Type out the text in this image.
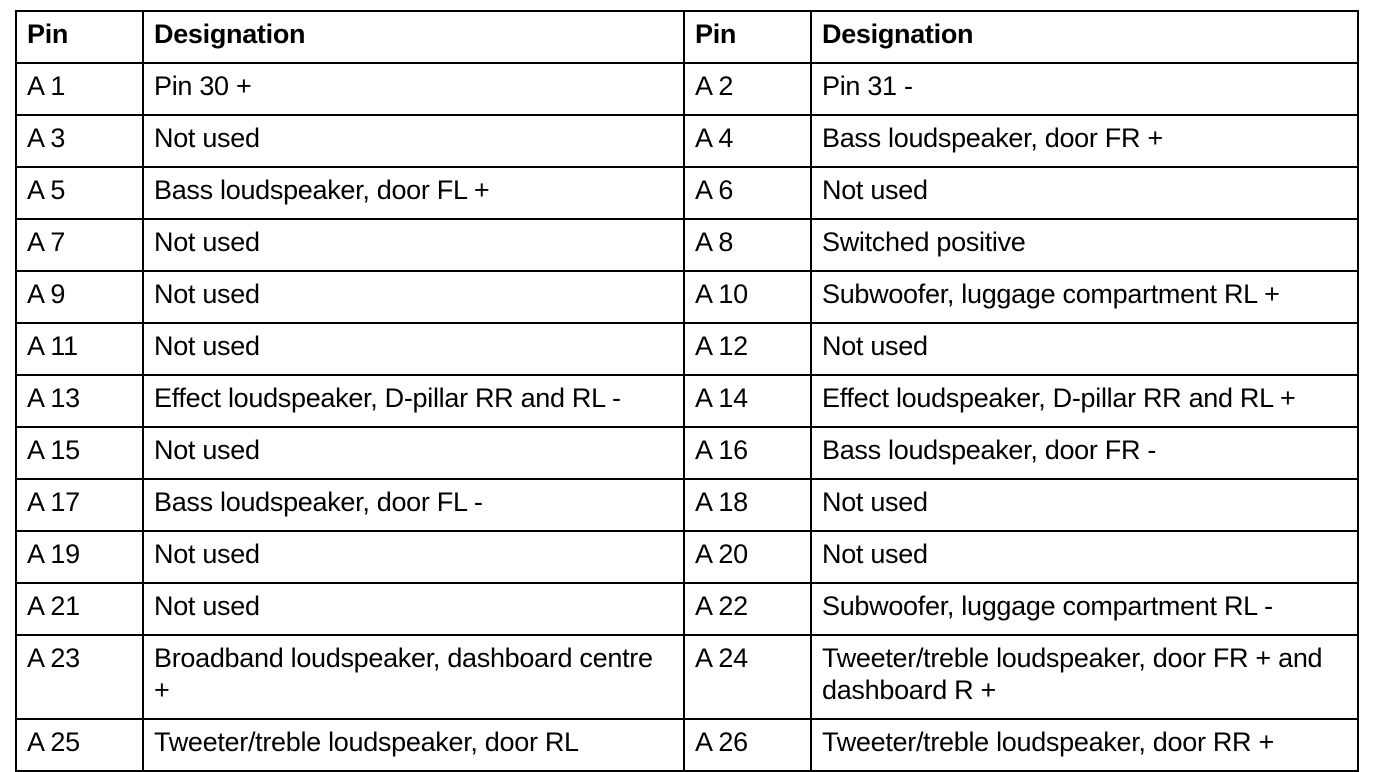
Pin	Designation	Pin	Designation
A 1	Pin 30 +	A 2	Pin 31 -
A 3	Not used	A 4	Bass loudspeaker, door FR +
A 5	Bass loudspeaker, door FL +	A 6	Not used
A 7	Not used	A 8	Switched positive
A 9	Not used	A 10	Subwoofer, luggage compartment RL +
A 11	Not used	A 12	Not used
A 13	Effect loudspeaker, D-pillar RR and RL -	A 14	Effect loudspeaker, D-pillar RR and RL +
A 15	Not used	A 16	Bass loudspeaker, door FR -
A 17	Bass loudspeaker, door FL -	A 18	Not used
A 19	Not used	A 20	Not used
A 21	Not used	A 22	Subwoofer, luggage compartment RL -
A 23	Broadband loudspeaker, dashboard centre +	A 24	Tweeter/treble loudspeaker, door FR + and dashboard R +
A 25	Tweeter/treble loudspeaker, door RL	A 26	Tweeter/treble loudspeaker, door RR +
